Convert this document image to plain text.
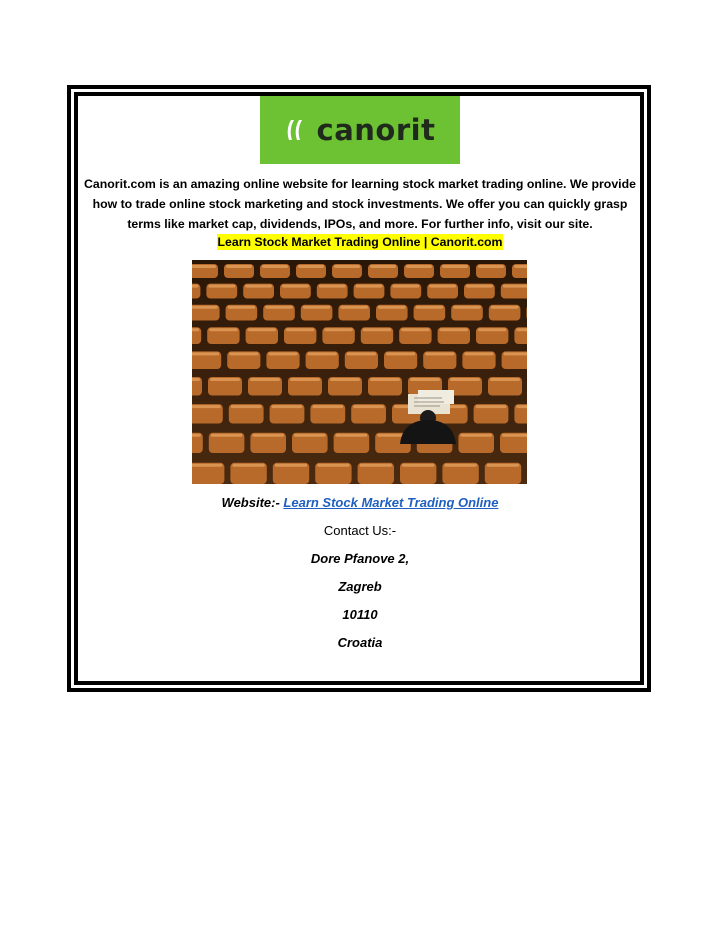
canorit
Canorit.com is an amazing online website for learning stock market trading online. We provide how to trade online stock marketing and stock investments. We offer you can quickly grasp terms like market cap, dividends, IPOs, and more. For further info, visit our site.
Learn Stock Market Trading Online | Canorit.com
Website:- Learn Stock Market Trading Online
Contact Us:-
Dore Pfanove 2,
Zagreb
10110
Croatia
